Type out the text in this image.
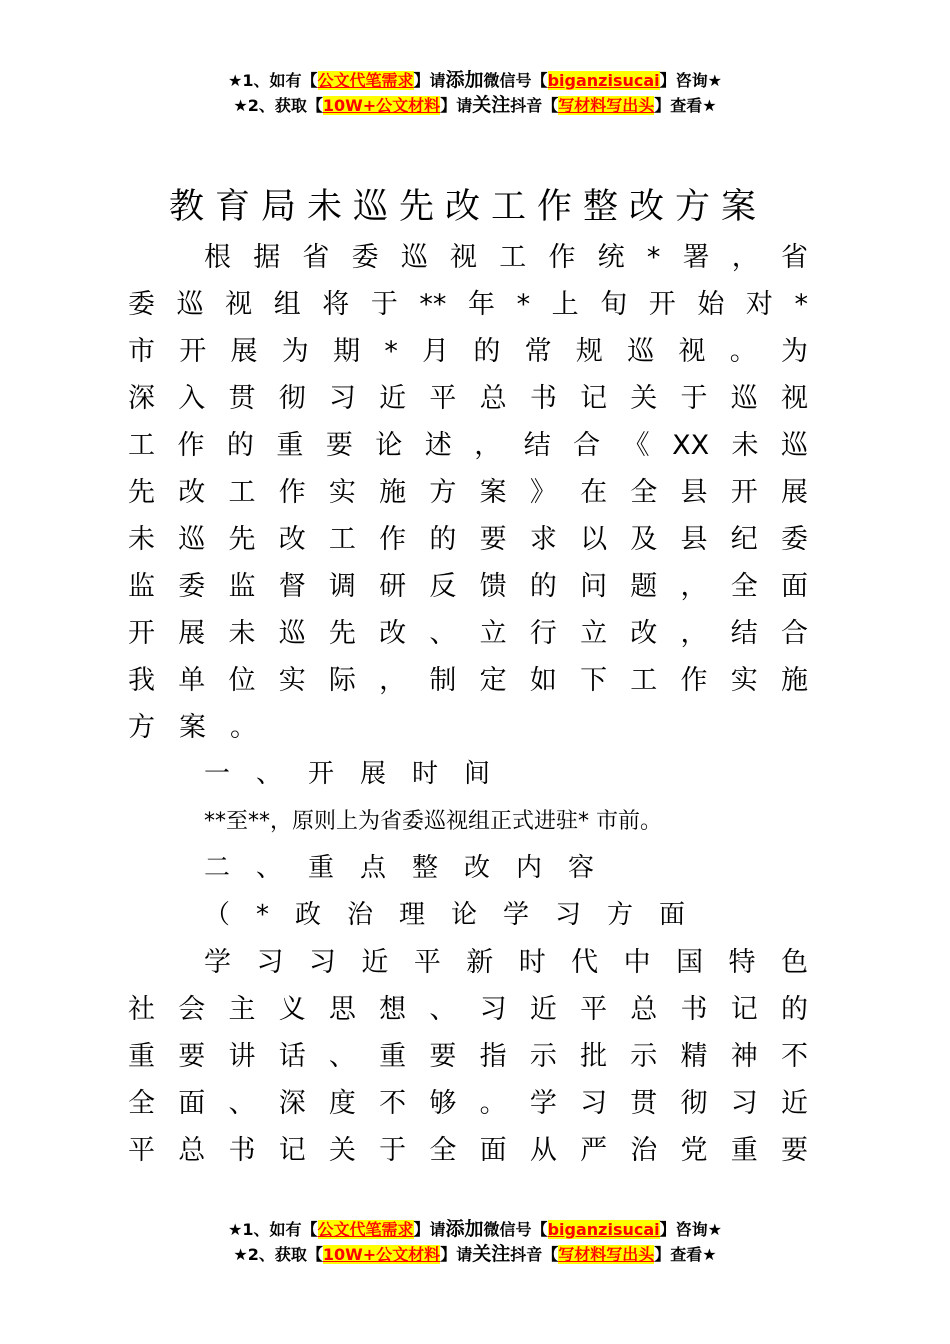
★1、如有【公文代笔需求】请添加微信号【biganzisucai】咨询★
★2、获取【10W+公文材料】请关注抖音【写材料写出头】查看★
教育局未巡先改工作整改方案
根据省委巡视工作统*署，省
委巡视组将于**年*上旬开始对*
市开展为期*月的常规巡视。为
深入贯彻习近平总书记关于巡视
工作的重要论述，结合《XX未巡
先改工作实施方案》在全县开展
未巡先改工作的要求以及县纪委
监委监督调研反馈的问题，全面
开展未巡先改、立行立改，结合
我单位实际，制定如下工作实施
方案。
一、开展时间
**至**，原则上为省委巡视组正式进驻* 市前。
二、重点整改内容
（*政治理论学习方面
学习习近平新时代中国特色
社会主义思想、习近平总书记的
重要讲话、重要指示批示精神不
全面、深度不够。学习贯彻习近
平总书记关于全面从严治党重要
★1、如有【公文代笔需求】请添加微信号【biganzisucai】咨询★
★2、获取【10W+公文材料】请关注抖音【写材料写出头】查看★
